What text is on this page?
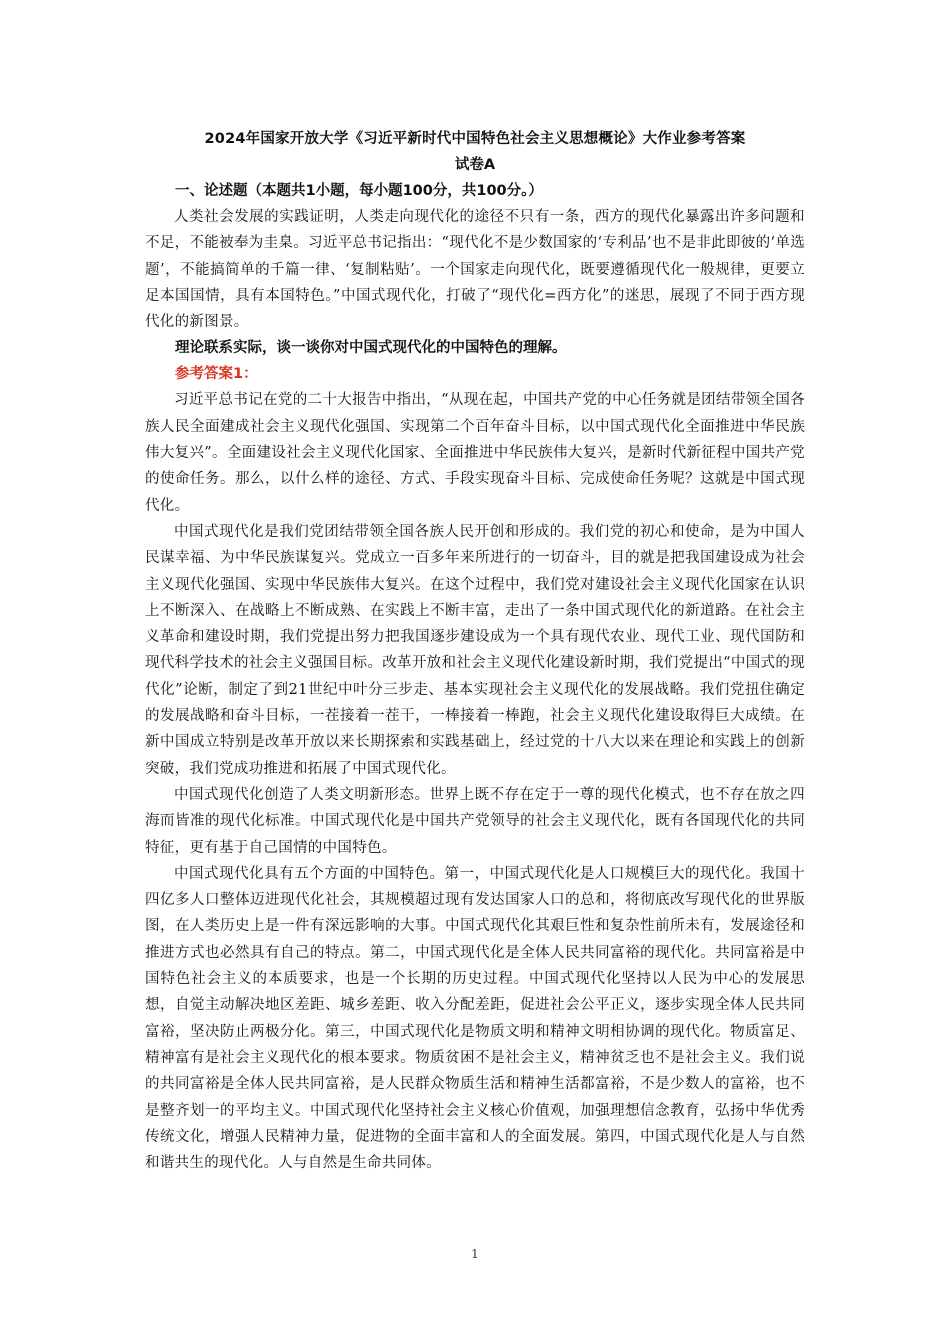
2024年国家开放大学《习近平新时代中国特色社会主义思想概论》大作业参考答案

试卷A

一、论述题（本题共1小题，每小题100分，共100分。）

人类社会发展的实践证明，人类走向现代化的途径不只有一条，西方的现代化暴露出许多问题和不足，不能被奉为圭臬。习近平总书记指出：“现代化不是少数国家的‘专利品’也不是非此即彼的‘单选题’，不能搞简单的千篇一律、‘复制粘贴’。一个国家走向现代化，既要遵循现代化一般规律，更要立足本国国情，具有本国特色。”中国式现代化，打破了“现代化=西方化”的迷思，展现了不同于西方现代化的新图景。

理论联系实际，谈一谈你对中国式现代化的中国特色的理解。

参考答案1：

习近平总书记在党的二十大报告中指出，“从现在起，中国共产党的中心任务就是团结带领全国各族人民全面建成社会主义现代化强国、实现第二个百年奋斗目标，以中国式现代化全面推进中华民族伟大复兴”。全面建设社会主义现代化国家、全面推进中华民族伟大复兴，是新时代新征程中国共产党的使命任务。那么，以什么样的途径、方式、手段实现奋斗目标、完成使命任务呢？这就是中国式现代化。

中国式现代化是我们党团结带领全国各族人民开创和形成的。我们党的初心和使命，是为中国人民谋幸福、为中华民族谋复兴。党成立一百多年来所进行的一切奋斗，目的就是把我国建设成为社会主义现代化强国、实现中华民族伟大复兴。在这个过程中，我们党对建设社会主义现代化国家在认识上不断深入、在战略上不断成熟、在实践上不断丰富，走出了一条中国式现代化的新道路。在社会主义革命和建设时期，我们党提出努力把我国逐步建设成为一个具有现代农业、现代工业、现代国防和现代科学技术的社会主义强国目标。改革开放和社会主义现代化建设新时期，我们党提出“中国式的现代化”论断，制定了到21世纪中叶分三步走、基本实现社会主义现代化的发展战略。我们党扭住确定的发展战略和奋斗目标，一茬接着一茬干，一棒接着一棒跑，社会主义现代化建设取得巨大成绩。在新中国成立特别是改革开放以来长期探索和实践基础上，经过党的十八大以来在理论和实践上的创新突破，我们党成功推进和拓展了中国式现代化。

中国式现代化创造了人类文明新形态。世界上既不存在定于一尊的现代化模式，也不存在放之四海而皆准的现代化标准。中国式现代化是中国共产党领导的社会主义现代化，既有各国现代化的共同特征，更有基于自己国情的中国特色。

中国式现代化具有五个方面的中国特色。第一，中国式现代化是人口规模巨大的现代化。我国十四亿多人口整体迈进现代化社会，其规模超过现有发达国家人口的总和，将彻底改写现代化的世界版图，在人类历史上是一件有深远影响的大事。中国式现代化其艰巨性和复杂性前所未有，发展途径和推进方式也必然具有自己的特点。第二，中国式现代化是全体人民共同富裕的现代化。共同富裕是中国特色社会主义的本质要求，也是一个长期的历史过程。中国式现代化坚持以人民为中心的发展思想，自觉主动解决地区差距、城乡差距、收入分配差距，促进社会公平正义，逐步实现全体人民共同富裕，坚决防止两极分化。第三，中国式现代化是物质文明和精神文明相协调的现代化。物质富足、精神富有是社会主义现代化的根本要求。物质贫困不是社会主义，精神贫乏也不是社会主义。我们说的共同富裕是全体人民共同富裕，是人民群众物质生活和精神生活都富裕，不是少数人的富裕，也不是整齐划一的平均主义。中国式现代化坚持社会主义核心价值观，加强理想信念教育，弘扬中华优秀传统文化，增强人民精神力量，促进物的全面丰富和人的全面发展。第四，中国式现代化是人与自然和谐共生的现代化。人与自然是生命共同体。

1
